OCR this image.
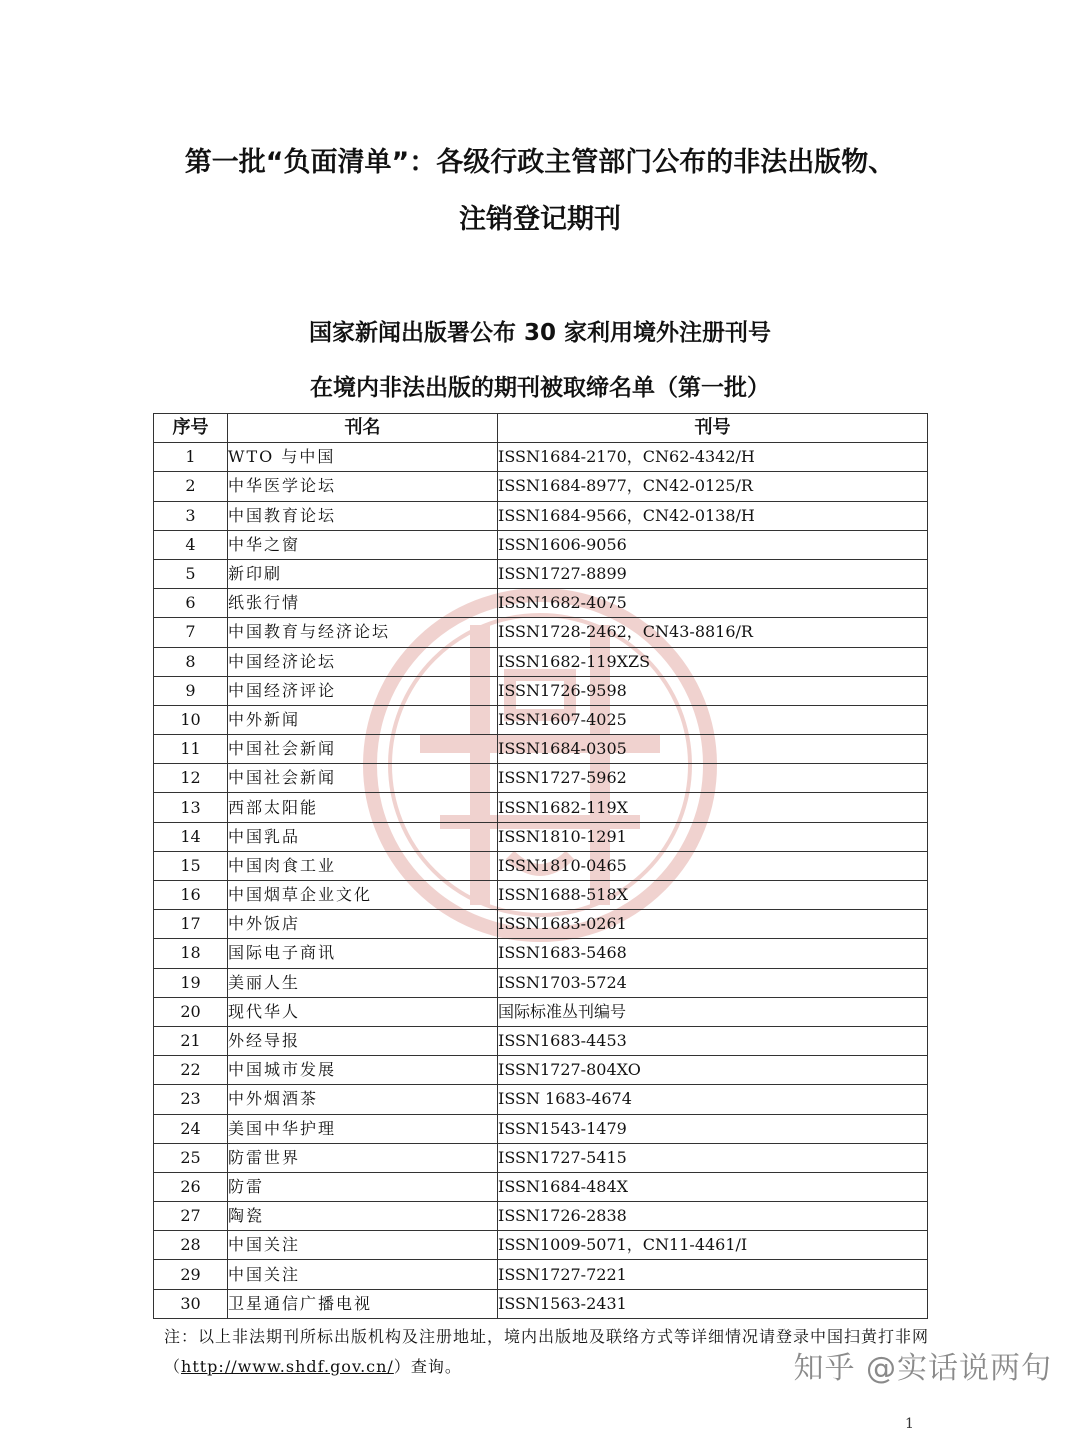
第一批“负面清单”：各级行政主管部门公布的非法出版物、
注销登记期刊
国家新闻出版署公布 30 家利用境外注册刊号
在境内非法出版的期刊被取缔名单（第一批）
序号	刊名	刊号
1	WTO 与中国	ISSN1684-2170，CN62-4342/H
2	中华医学论坛	ISSN1684-8977，CN42-0125/R
3	中国教育论坛	ISSN1684-9566，CN42-0138/H
4	中华之窗	ISSN1606-9056
5	新印刷	ISSN1727-8899
6	纸张行情	ISSN1682-4075
7	中国教育与经济论坛	ISSN1728-2462，CN43-8816/R
8	中国经济论坛	ISSN1682-119XZS
9	中国经济评论	ISSN1726-9598
10	中外新闻	ISSN1607-4025
11	中国社会新闻	ISSN1684-0305
12	中国社会新闻	ISSN1727-5962
13	西部太阳能	ISSN1682-119X
14	中国乳品	ISSN1810-1291
15	中国肉食工业	ISSN1810-0465
16	中国烟草企业文化	ISSN1688-518X
17	中外饭店	ISSN1683-0261
18	国际电子商讯	ISSN1683-5468
19	美丽人生	ISSN1703-5724
20	现代华人	国际标准丛刊编号
21	外经导报	ISSN1683-4453
22	中国城市发展	ISSN1727-804XO
23	中外烟酒茶	ISSN 1683-4674
24	美国中华护理	ISSN1543-1479
25	防雷世界	ISSN1727-5415
26	防雷	ISSN1684-484X
27	陶瓷	ISSN1726-2838
28	中国关注	ISSN1009-5071，CN11-4461/I
29	中国关注	ISSN1727-7221
30	卫星通信广播电视	ISSN1563-2431
注：以上非法期刊所标出版机构及注册地址，境内出版地及联络方式等详细情况请登录中国扫黄打非网（http://www.shdf.gov.cn/）查询。	知乎 @实话说两句
1
